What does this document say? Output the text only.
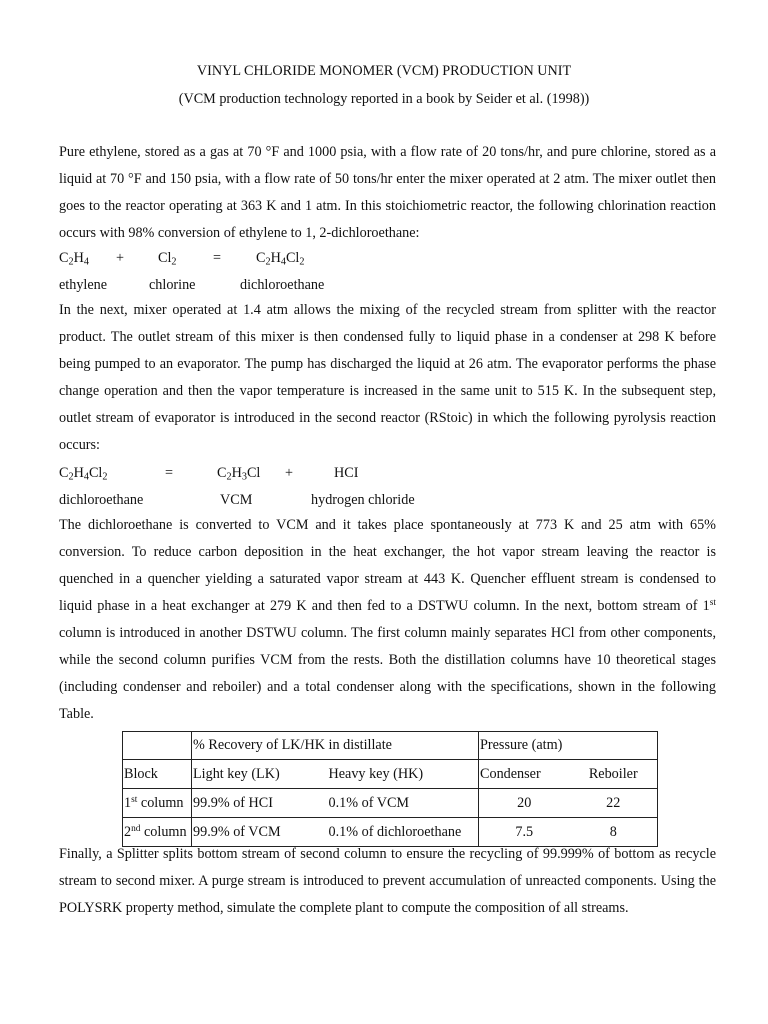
VINYL CHLORIDE MONOMER (VCM) PRODUCTION UNIT
(VCM production technology reported in a book by Seider et al. (1998))

Pure ethylene, stored as a gas at 70 °F and 1000 psia, with a flow rate of 20 tons/hr, and pure chlorine, stored as a liquid at 70 °F and 150 psia, with a flow rate of 50 tons/hr enter the mixer operated at 2 atm. The mixer outlet then goes to the reactor operating at 363 K and 1 atm. In this stoichiometric reactor, the following chlorination reaction occurs with 98% conversion of ethylene to 1, 2-dichloroethane:

$C_2H_4 + Cl_2$	= $C_2H_4Cl_2$
ethylene	chlorine	dichloroethane

In the next, mixer operated at 1.4 atm allows the mixing of the recycled stream from splitter with the reactor product. The outlet stream of this mixer is then condensed fully to liquid phase in a condenser at 298 K before being pumped to an evaporator. The pump has discharged the liquid at 26 atm. The evaporator performs the phase change operation and then the vapor temperature is increased in the same unit to 515 K. In the subsequent step, outlet stream of evaporator is introduced in the second reactor (RStoic) in which the following pyrolysis reaction occurs:

$C_2H_4Cl_2$	=	$C_2H_3Cl$ +	HCI
dichloroethane	VCM	hydrogen chloride

The dichloroethane is converted to VCM and it takes place spontaneously at 773 K and 25 atm with 65% conversion. To reduce carbon deposition in the heat exchanger, the hot vapor stream leaving the reactor is quenched in a quencher yielding a saturated vapor stream at 443 K. Quencher effluent stream is condensed to liquid phase in a heat exchanger at 279 K and then fed to a DSTWU column. In the next, bottom stream of 1st column is introduced in another DSTWU column. The first column mainly separates HCl from other components, while the second column purifies VCM from the rests. Both the distillation columns have 10 theoretical stages (including condenser and reboiler) and a total condenser along with the specifications, shown in the following Table.

	% Recovery of LK/HK in distillate		Pressure (atm)	
Block	Light key (LK)	Heavy key (HK)	Condenser	Reboiler
1st column	99.9% of HCI	0.1% of VCM	20	22
2nd column	99.9% of VCM	0.1% of dichloroethane	7.5	8

Finally, a Splitter splits bottom stream of second column to ensure the recycling of 99.999% of bottom as recycle stream to second mixer. A purge stream is introduced to prevent accumulation of unreacted components. Using the POLYSRK property method, simulate the complete plant to compute the composition of all streams.
